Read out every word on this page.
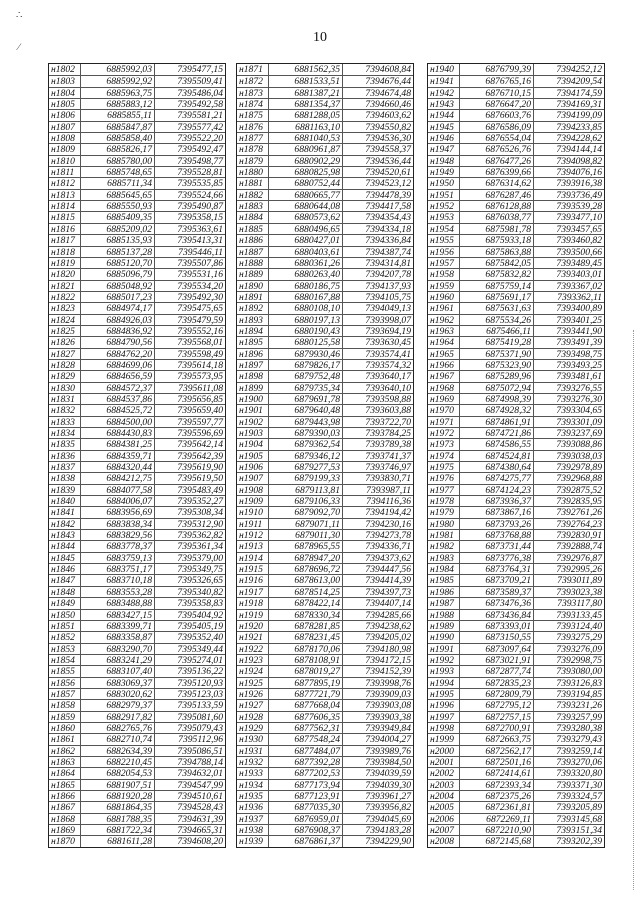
∴
∕
10
н1802	6885992,03	7395477,15
н1803	6885992,92	7395509,41
н1804	6885963,75	7395486,04
н1805	6885883,12	7395492,58
н1806	6885855,11	7395581,21
н1807	6885847,87	7395577,42
н1808	6885858,40	7395522,20
н1809	6885826,17	7395492,47
н1810	6885780,00	7395498,77
н1811	6885748,65	7395528,81
н1812	6885711,34	7395535,85
н1813	6885645,65	7395524,66
н1814	6885550,93	7395490,87
н1815	6885409,35	7395358,15
н1816	6885209,02	7395363,61
н1817	6885135,93	7395413,31
н1818	6885137,28	7395446,11
н1819	6885120,70	7395507,86
н1820	6885096,79	7395531,16
н1821	6885048,92	7395534,20
н1822	6885017,23	7395492,30
н1823	6884974,17	7395475,65
н1824	6884926,03	7395479,59
н1825	6884836,92	7395552,16
н1826	6884790,56	7395568,01
н1827	6884762,20	7395598,49
н1828	6884699,06	7395614,18
н1829	6884656,59	7395573,95
н1830	6884572,37	7395611,08
н1831	6884537,86	7395656,85
н1832	6884525,72	7395659,40
н1833	6884500,00	7395597,77
н1834	6884430,83	7395596,69
н1835	6884381,25	7395642,14
н1836	6884359,71	7395642,39
н1837	6884320,44	7395619,90
н1838	6884212,75	7395619,50
н1839	6884077,58	7395483,49
н1840	6884006,07	7395352,27
н1841	6883956,69	7395308,34
н1842	6883838,34	7395312,90
н1843	6883829,56	7395362,82
н1844	6883778,37	7395361,34
н1845	6883759,13	7395379,00
н1846	6883751,17	7395349,75
н1847	6883710,18	7395326,65
н1848	6883553,28	7395340,82
н1849	6883488,88	7395358,83
н1850	6883427,15	7395404,92
н1851	6883399,71	7395405,19
н1852	6883358,87	7395352,40
н1853	6883290,70	7395349,44
н1854	6883241,29	7395274,01
н1855	6883107,40	7395136,22
н1856	6883069,37	7395120,93
н1857	6883020,62	7395123,03
н1858	6882979,37	7395133,59
н1859	6882917,82	7395081,60
н1860	6882765,76	7395079,43
н1861	6882710,74	7395112,96
н1862	6882634,39	7395086,51
н1863	6882210,45	7394788,14
н1864	6882054,53	7394632,01
н1865	6881907,51	7394547,99
н1866	6881920,28	7394510,61
н1867	6881864,35	7394528,43
н1868	6881788,35	7394631,39
н1869	6881722,34	7394665,31
н1870	6881611,28	7394608,20
н1871	6881562,35	7394608,84
н1872	6881533,51	7394676,44
н1873	6881387,21	7394674,48
н1874	6881354,37	7394660,46
н1875	6881288,05	7394603,62
н1876	6881163,10	7394550,82
н1877	6881040,53	7394536,30
н1878	6880961,87	7394558,37
н1879	6880902,29	7394536,44
н1880	6880825,98	7394520,61
н1881	6880752,44	7394523,12
н1882	6880665,77	7394478,39
н1883	6880644,08	7394417,58
н1884	6880573,62	7394354,43
н1885	6880496,65	7394334,18
н1886	6880427,01	7394336,84
н1887	6880403,61	7394387,74
н1888	6880361,26	7394314,81
н1889	6880263,40	7394207,78
н1890	6880186,75	7394137,93
н1891	6880167,88	7394105,75
н1892	6880108,10	7394049,13
н1893	6880197,13	7393998,07
н1894	6880190,43	7393694,19
н1895	6880125,58	7393630,45
н1896	6879930,46	7393574,41
н1897	6879826,17	7393574,32
н1898	6879752,48	7393640,17
н1899	6879735,34	7393640,10
н1900	6879691,78	7393598,88
н1901	6879640,48	7393603,88
н1902	6879443,98	7393722,70
н1903	6879390,03	7393784,25
н1904	6879362,54	7393789,38
н1905	6879346,12	7393741,37
н1906	6879277,53	7393746,97
н1907	6879199,33	7393830,71
н1908	6879113,81	7393987,11
н1909	6879106,33	7394116,36
н1910	6879092,70	7394194,42
н1911	6879071,11	7394230,16
н1912	6879011,30	7394273,78
н1913	6878965,55	7394336,71
н1914	6878947,20	7394373,62
н1915	6878696,72	7394447,56
н1916	6878613,00	7394414,39
н1917	6878514,25	7394397,73
н1918	6878422,14	7394407,14
н1919	6878330,34	7394285,66
н1920	6878281,85	7394238,62
н1921	6878231,45	7394205,02
н1922	6878170,06	7394180,98
н1923	6878108,91	7394172,15
н1924	6878019,27	7394152,39
н1925	6877895,19	7393998,76
н1926	6877721,79	7393909,03
н1927	6877668,04	7393903,08
н1928	6877606,35	7393903,38
н1929	6877562,31	7393949,84
н1930	6877548,24	7394004,27
н1931	6877484,07	7393989,76
н1932	6877392,28	7393984,50
н1933	6877202,53	7394039,59
н1934	6877173,94	7394039,30
н1935	6877123,91	7393961,27
н1936	6877035,30	7393956,82
н1937	6876959,01	7394045,69
н1938	6876908,37	7394183,28
н1939	6876861,37	7394229,90
н1940	6876799,39	7394252,12
н1941	6876765,16	7394209,54
н1942	6876710,15	7394174,59
н1943	6876647,20	7394169,31
н1944	6876603,76	7394199,09
н1945	6876586,09	7394233,85
н1946	6876554,04	7394228,62
н1947	6876526,76	7394144,14
н1948	6876477,26	7394098,82
н1949	6876399,66	7394076,16
н1950	6876314,62	7393916,38
н1951	6876287,46	7393736,49
н1952	6876128,88	7393539,28
н1953	6876038,77	7393477,10
н1954	6875981,78	7393457,65
н1955	6875933,18	7393460,82
н1956	6875863,88	7393500,66
н1957	6875842,05	7393489,45
н1958	6875832,82	7393403,01
н1959	6875759,14	7393367,02
н1960	6875691,17	7393362,11
н1961	6875631,63	7393400,89
н1962	6875534,26	7393401,25
н1963	6875466,11	7393441,90
н1964	6875419,28	7393491,39
н1965	6875371,90	7393498,75
н1966	6875323,90	7393493,25
н1967	6875289,96	7393481,61
н1968	6875072,94	7393276,55
н1969	6874998,39	7393276,30
н1970	6874928,32	7393304,65
н1971	6874861,91	7393301,09
н1972	6874721,86	7393237,69
н1973	6874586,55	7393088,86
н1974	6874524,81	7393038,03
н1975	6874380,64	7392978,89
н1976	6874275,77	7392968,88
н1977	6874124,23	7392875,52
н1978	6873936,37	7392835,95
н1979	6873867,16	7392761,26
н1980	6873793,26	7392764,23
н1981	6873768,88	7392830,91
н1982	6873731,44	7392888,74
н1983	6873776,38	7392976,87
н1984	6873764,31	7392995,26
н1985	6873709,21	7393011,89
н1986	6873589,37	7393023,38
н1987	6873476,36	7393117,80
н1988	6873436,84	7393133,45
н1989	6873393,01	7393124,40
н1990	6873150,55	7393275,29
н1991	6873097,64	7393276,09
н1992	6873021,91	7392998,75
н1993	6872877,74	7393080,00
н1994	6872835,23	7393126,83
н1995	6872809,79	7393194,85
н1996	6872795,12	7393231,26
н1997	6872757,15	7393257,99
н1998	6872700,91	7393280,38
н1999	6872663,75	7393279,43
н2000	6872562,17	7393259,14
н2001	6872501,16	7393270,06
н2002	6872414,61	7393320,80
н2003	6872393,34	7393371,30
н2004	6872375,26	7393324,57
н2005	6872361,81	7393205,89
н2006	6872269,11	7393145,68
н2007	6872210,90	7393151,34
н2008	6872145,68	7393202,39
